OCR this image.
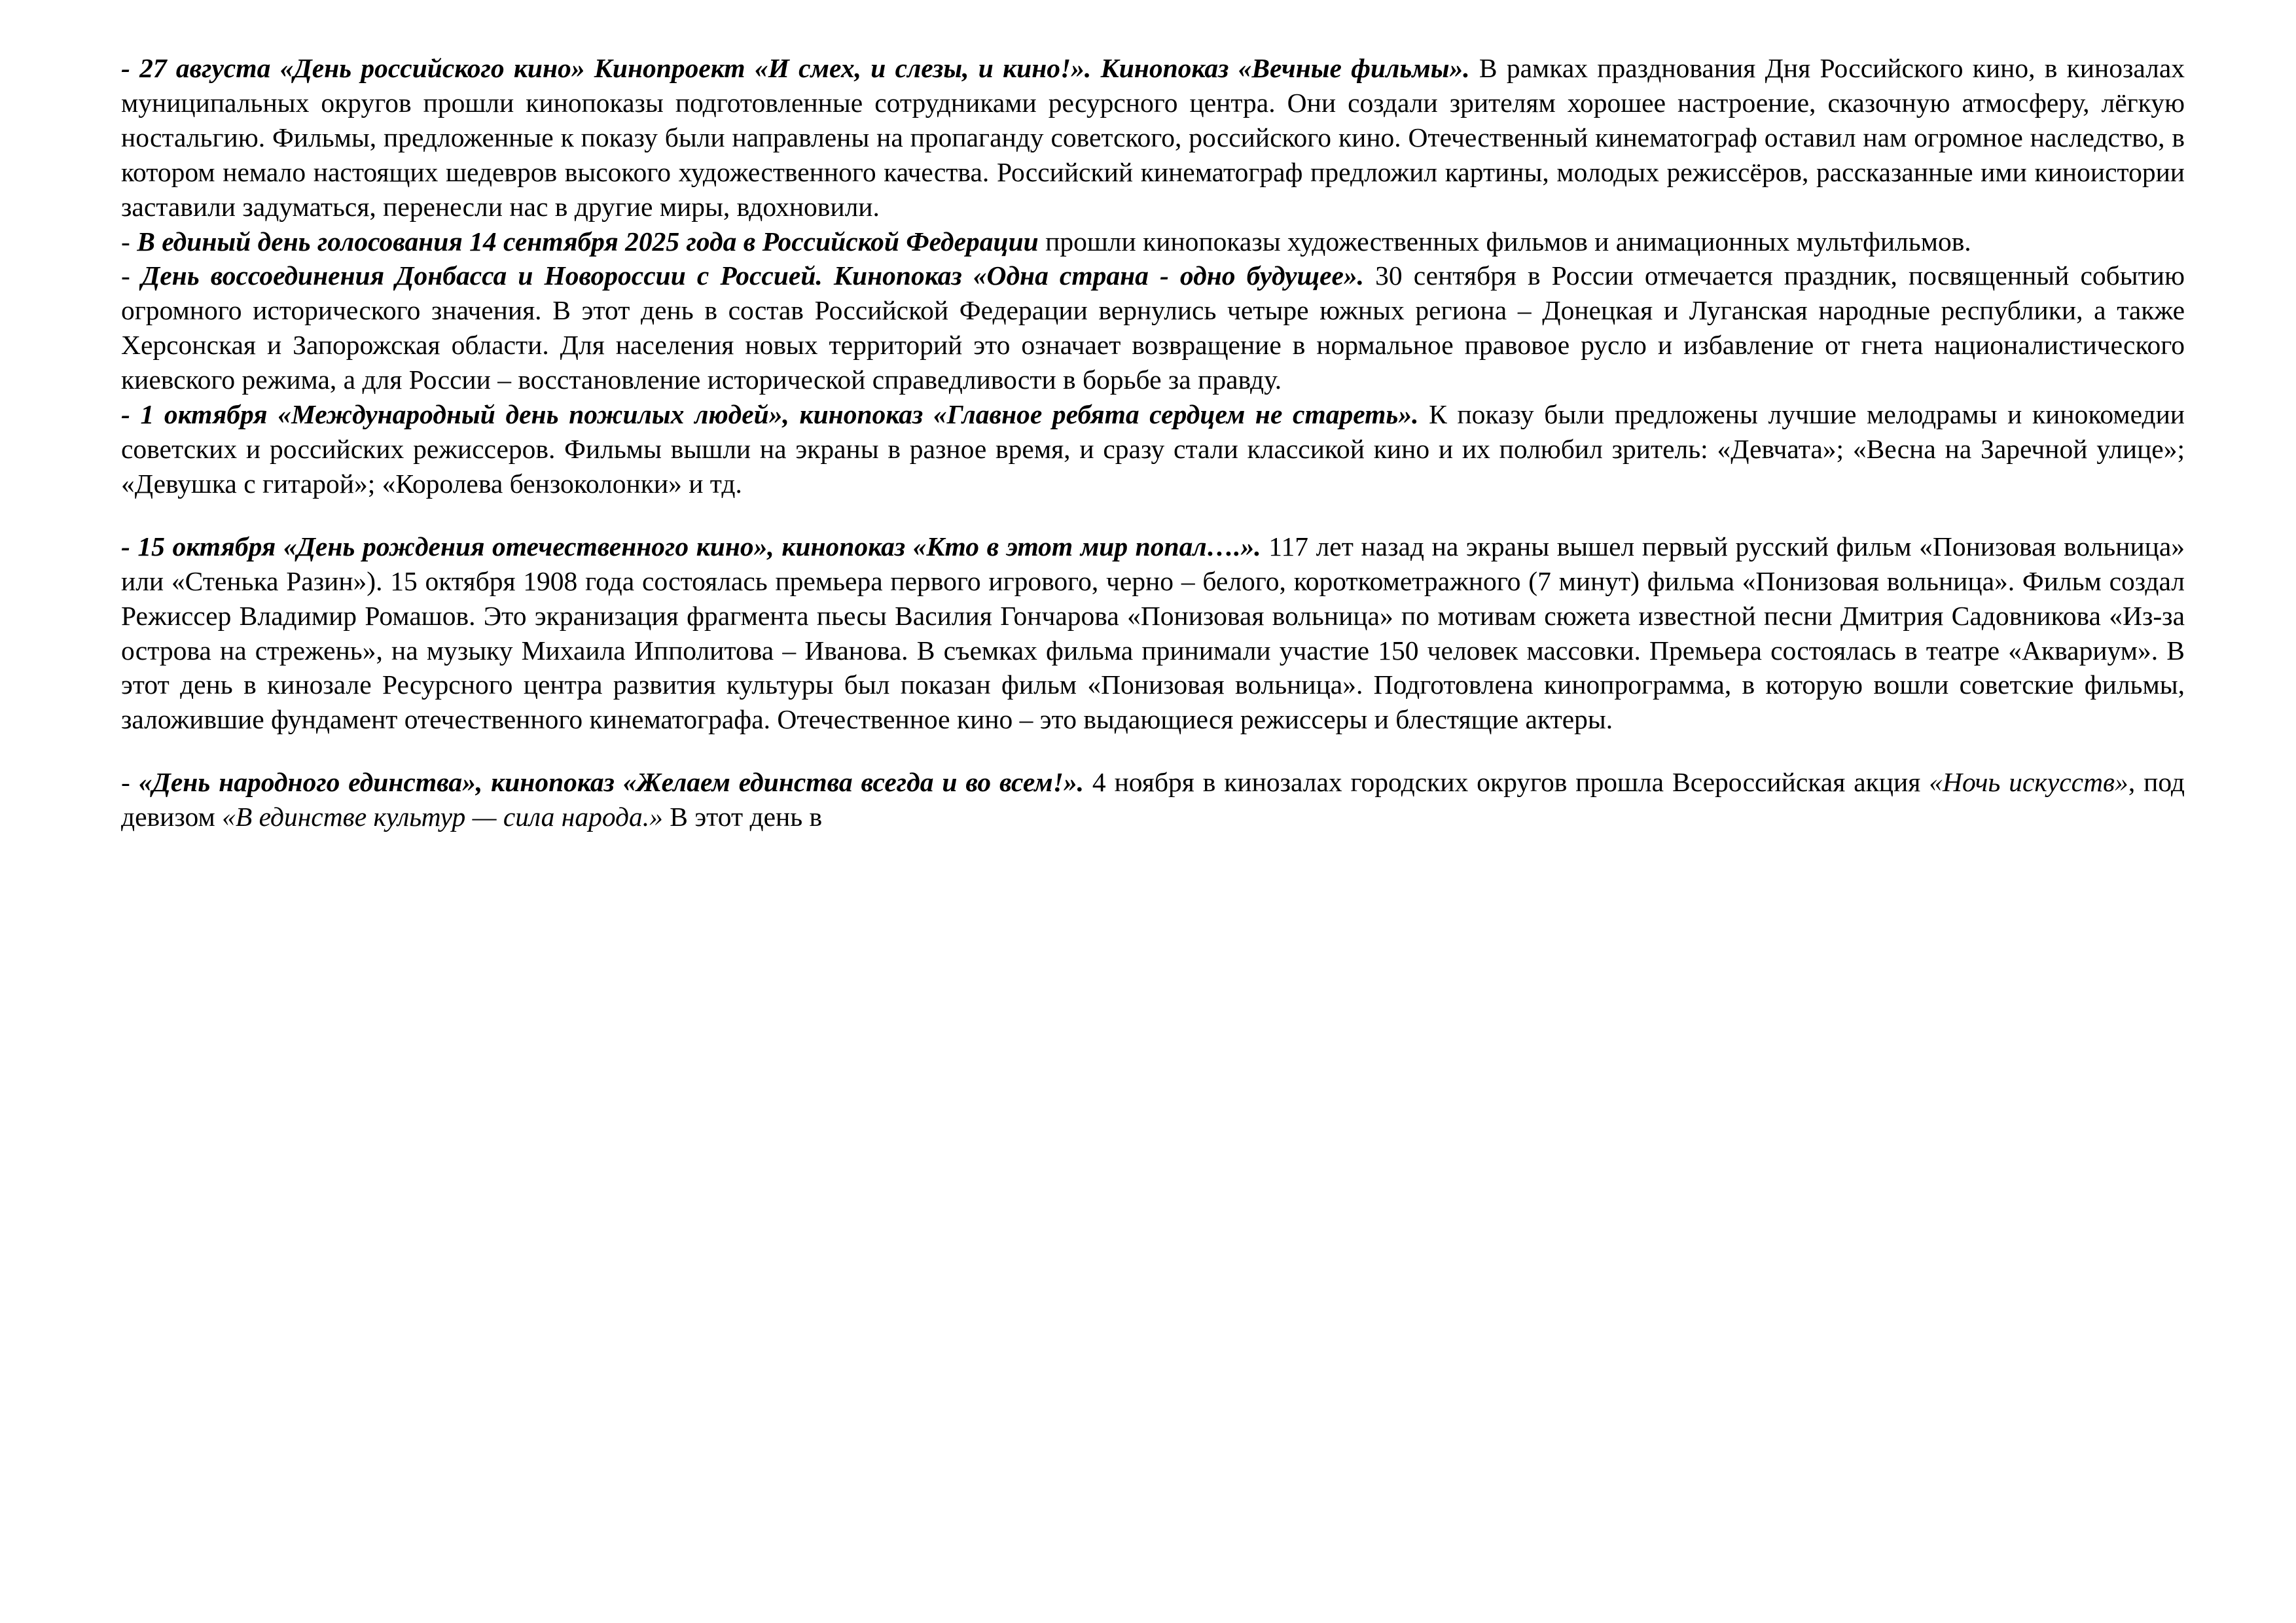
- 27 августа «День российского кино» Кинопроект «И смех, и слезы, и кино!». Кинопоказ «Вечные фильмы». В рамках празднования Дня Российского кино, в кинозалах муниципальных округов прошли кинопоказы подготовленные сотрудниками ресурсного центра. Они создали зрителям хорошее настроение, сказочную атмосферу, лёгкую ностальгию. Фильмы, предложенные к показу были направлены на пропаганду советского, российского кино. Отечественный кинематограф оставил нам огромное наследство, в котором немало настоящих шедевров высокого художественного качества. Российский кинематограф предложил картины, молодых режиссёров, рассказанные ими киноистории заставили задуматься, перенесли нас в другие миры, вдохновили.

- В единый день голосования 14 сентября 2025 года в Российской Федерации прошли кинопоказы художественных фильмов и анимационных мультфильмов.

- День воссоединения Донбасса и Новороссии с Россией. Кинопоказ «Одна страна - одно будущее». 30 сентября в России отмечается праздник, посвященный событию огромного исторического значения. В этот день в состав Российской Федерации вернулись четыре южных региона – Донецкая и Луганская народные республики, а также Херсонская и Запорожская области. Для населения новых территорий это означает возвращение в нормальное правовое русло и избавление от гнета националистического киевского режима, а для России – восстановление исторической справедливости в борьбе за правду.

- 1 октября «Международный день пожилых людей», кинопоказ «Главное ребята сердцем не стареть». К показу были предложены лучшие мелодрамы и кинокомедии советских и российских режиссеров. Фильмы вышли на экраны в разное время, и сразу стали классикой кино и их полюбил зритель: «Девчата»; «Весна на Заречной улице»; «Девушка с гитарой»; «Королева бензоколонки» и тд.

- 15 октября «День рождения отечественного кино», кинопоказ «Кто в этот мир попал….». 117 лет назад на экраны вышел первый русский фильм «Понизовая вольница» или «Стенька Разин»). 15 октября 1908 года состоялась премьера первого игрового, черно – белого, короткометражного (7 минут) фильма «Понизовая вольница». Фильм создал Режиссер Владимир Ромашов. Это экранизация фрагмента пьесы Василия Гончарова «Понизовая вольница» по мотивам сюжета известной песни Дмитрия Садовникова «Из-за острова на стрежень», на музыку Михаила Ипполитова – Иванова. В съемках фильма принимали участие 150 человек массовки. Премьера состоялась в театре «Аквариум». В этот день в кинозале Ресурсного центра развития культуры был показан фильм «Понизовая вольница». Подготовлена кинопрограмма, в которую вошли советские фильмы, заложившие фундамент отечественного кинематографа. Отечественное кино – это выдающиеся режиссеры и блестящие актеры.

- «День народного единства», кинопоказ «Желаем единства всегда и во всем!». 4 ноября в кинозалах городских округов прошла Всероссийская акция «Ночь искусств», под девизом «В единстве культур — сила народа.» В этот день в
